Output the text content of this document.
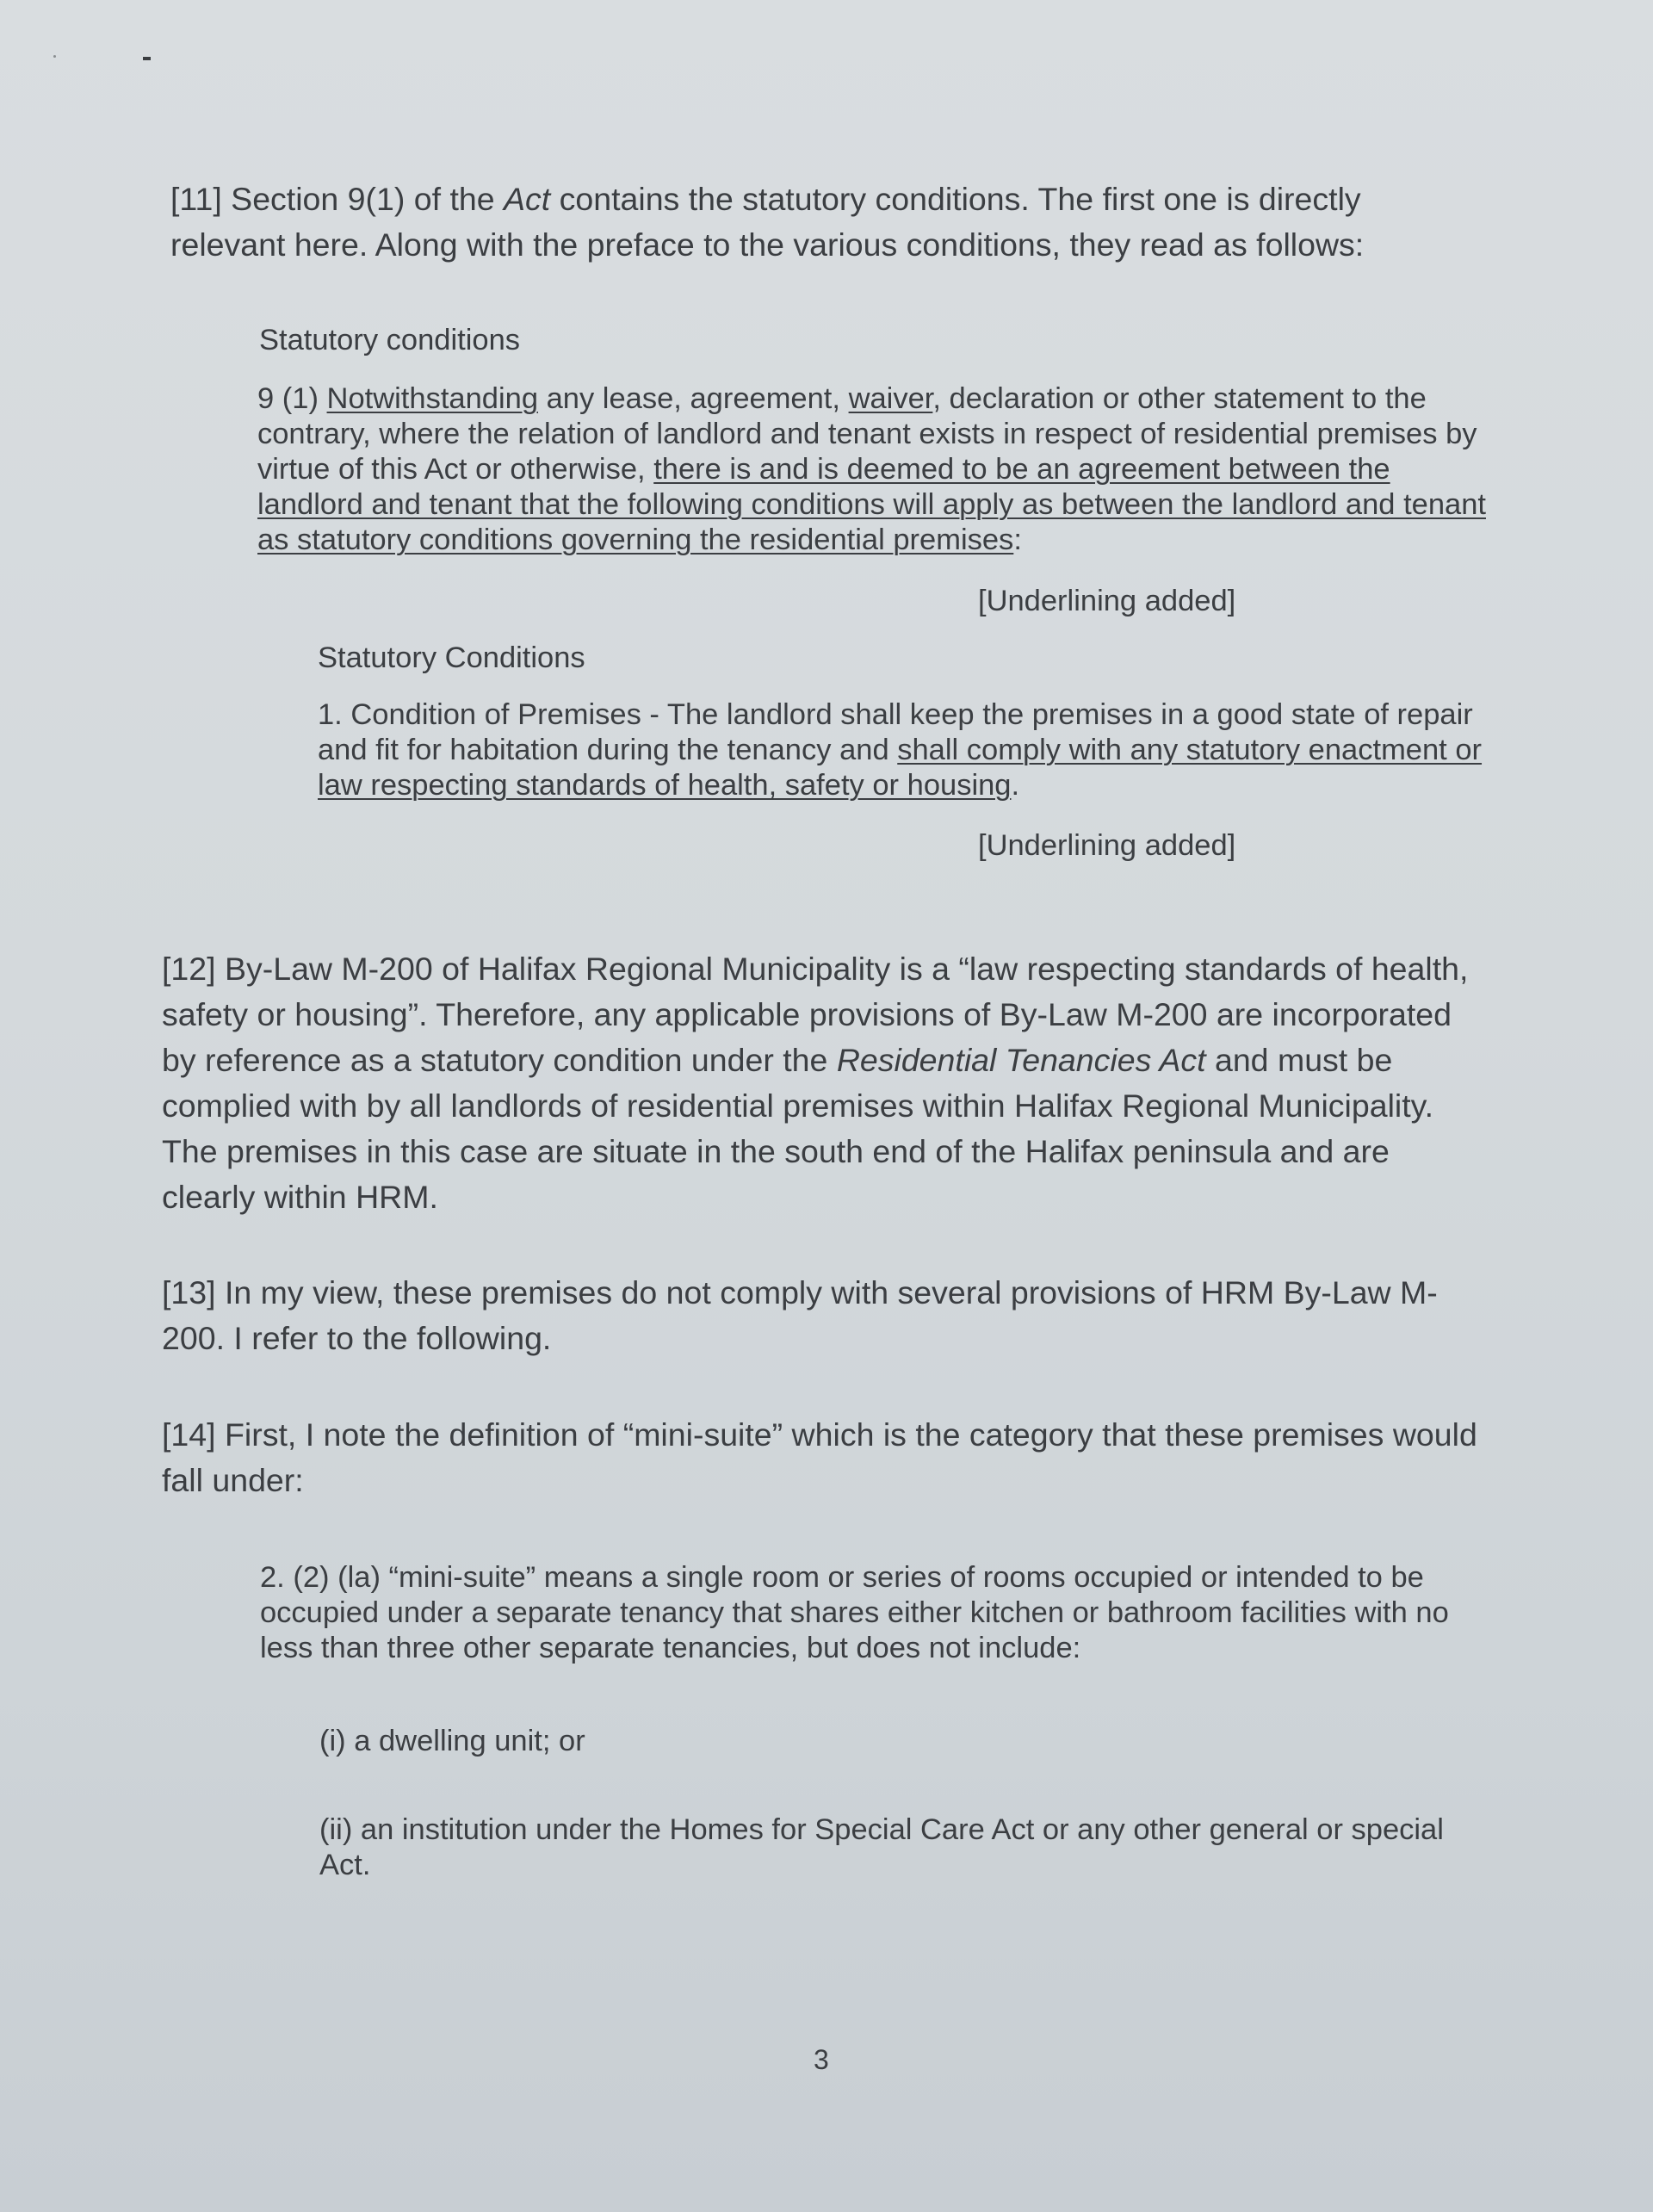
[11] Section 9(1) of the Act contains the statutory conditions. The first one is directly relevant here. Along with the preface to the various conditions, they read as follows:

Statutory conditions

9 (1) Notwithstanding any lease, agreement, waiver, declaration or other statement to the contrary, where the relation of landlord and tenant exists in respect of residential premises by virtue of this Act or otherwise, there is and is deemed to be an agreement between the landlord and tenant that the following conditions will apply as between the landlord and tenant as statutory conditions governing the residential premises:

[Underlining added]

Statutory Conditions

1. Condition of Premises - The landlord shall keep the premises in a good state of repair and fit for habitation during the tenancy and shall comply with any statutory enactment or law respecting standards of health, safety or housing.

[Underlining added]

[12] By-Law M-200 of Halifax Regional Municipality is a “law respecting standards of health, safety or housing”. Therefore, any applicable provisions of By-Law M-200 are incorporated by reference as a statutory condition under the Residential Tenancies Act and must be complied with by all landlords of residential premises within Halifax Regional Municipality. The premises in this case are situate in the south end of the Halifax peninsula and are clearly within HRM.

[13] In my view, these premises do not comply with several provisions of HRM By-Law M-200. I refer to the following.

[14] First, I note the definition of “mini-suite” which is the category that these premises would fall under:

2. (2) (la) “mini-suite” means a single room or series of rooms occupied or intended to be occupied under a separate tenancy that shares either kitchen or bathroom facilities with no less than three other separate tenancies, but does not include:

(i) a dwelling unit; or

(ii) an institution under the Homes for Special Care Act or any other general or special Act.

3
